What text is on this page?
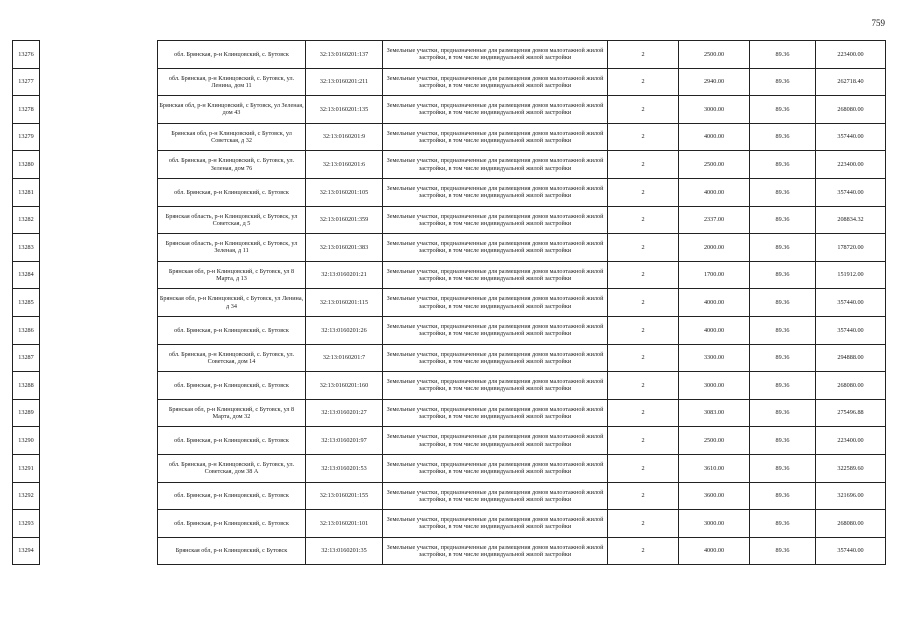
759
13276		обл. Брянская, р-н Клинцовский, с. Бутовск	32:13:0160201:137	Земельные участки, предназначенные для размещения домов малоэтажной жилой застройки, в том числе индивидуальной жилой застройки	2	2500.00	89.36	223400.00
13277		обл. Брянская, р-н Клинцовский, с. Бутовск, ул. Ленина, дом 11	32:13:0160201:211	Земельные участки, предназначенные для размещения домов малоэтажной жилой застройки, в том числе индивидуальной жилой застройки	2	2940.00	89.36	262718.40
13278		Брянская обл, р-н Клинцовский, с Бутовск, ул Зеленая, дом 43	32:13:0160201:135	Земельные участки, предназначенные для размещения домов малоэтажной жилой застройки, в том числе индивидуальной жилой застройки	2	3000.00	89.36	268080.00
13279		Брянская обл, р-н Клинцовский, с Бутовск, ул Советская, д 32	32:13:0160201:9	Земельные участки, предназначенные для размещения домов малоэтажной жилой застройки, в том числе индивидуальной жилой застройки	2	4000.00	89.36	357440.00
13280		обл. Брянская, р-н Клинцовский, с. Бутовск, ул. Зеленая, дом 76	32:13:0160201:6	Земельные участки, предназначенные для размещения домов малоэтажной жилой застройки, в том числе индивидуальной жилой застройки	2	2500.00	89.36	223400.00
13281		обл. Брянская, р-н Клинцовский, с. Бутовск	32:13:0160201:105	Земельные участки, предназначенные для размещения домов малоэтажной жилой застройки, в том числе индивидуальной жилой застройки	2	4000.00	89.36	357440.00
13282		Брянская область, р-н Клинцовский, с Бутовск, ул Советская, д 5	32:13:0160201:359	Земельные участки, предназначенные для размещения домов малоэтажной жилой застройки, в том числе индивидуальной жилой застройки	2	2337.00	89.36	208834.32
13283		Брянская область, р-н Клинцовский, с Бутовск, ул Зеленая, д 11	32:13:0160201:383	Земельные участки, предназначенные для размещения домов малоэтажной жилой застройки, в том числе индивидуальной жилой застройки	2	2000.00	89.36	178720.00
13284		Брянская обл, р-н Клинцовский, с Бутовск, ул 8 Марта, д 13	32:13:0160201:21	Земельные участки, предназначенные для размещения домов малоэтажной жилой застройки, в том числе индивидуальной жилой застройки	2	1700.00	89.36	151912.00
13285		Брянская обл, р-н Клинцовский, с Бутовск, ул Ленина, д 34	32:13:0160201:115	Земельные участки, предназначенные для размещения домов малоэтажной жилой застройки, в том числе индивидуальной жилой застройки	2	4000.00	89.36	357440.00
13286		обл. Брянская, р-н Клинцовский, с. Бутовск	32:13:0160201:26	Земельные участки, предназначенные для размещения домов малоэтажной жилой застройки, в том числе индивидуальной жилой застройки	2	4000.00	89.36	357440.00
13287		обл. Брянская, р-н Клинцовский, с. Бутовск, ул. Советская, дом 14	32:13:0160201:7	Земельные участки, предназначенные для размещения домов малоэтажной жилой застройки, в том числе индивидуальной жилой застройки	2	3300.00	89.36	294888.00
13288		обл. Брянская, р-н Клинцовский, с. Бутовск	32:13:0160201:160	Земельные участки, предназначенные для размещения домов малоэтажной жилой застройки, в том числе индивидуальной жилой застройки	2	3000.00	89.36	268080.00
13289		Брянская обл, р-н Клинцовский, с Бутовск, ул 8 Марта, дом 32	32:13:0160201:27	Земельные участки, предназначенные для размещения домов малоэтажной жилой застройки, в том числе индивидуальной жилой застройки	2	3083.00	89.36	275496.88
13290		обл. Брянская, р-н Клинцовский, с. Бутовск	32:13:0160201:97	Земельные участки, предназначенные для размещения домов малоэтажной жилой застройки, в том числе индивидуальной жилой застройки	2	2500.00	89.36	223400.00
13291		обл. Брянская, р-н Клинцовский, с. Бутовск, ул. Советская, дом 38 А	32:13:0160201:53	Земельные участки, предназначенные для размещения домов малоэтажной жилой застройки, в том числе индивидуальной жилой застройки	2	3610.00	89.36	322589.60
13292		обл. Брянская, р-н Клинцовский, с. Бутовск	32:13:0160201:155	Земельные участки, предназначенные для размещения домов малоэтажной жилой застройки, в том числе индивидуальной жилой застройки	2	3600.00	89.36	321696.00
13293		обл. Брянская, р-н Клинцовский, с. Бутовск	32:13:0160201:101	Земельные участки, предназначенные для размещения домов малоэтажной жилой застройки, в том числе индивидуальной жилой застройки	2	3000.00	89.36	268080.00
13294		Брянская обл, р-н Клинцовский, с Бутовск	32:13:0160201:35	Земельные участки, предназначенные для размещения домов малоэтажной жилой застройки, в том числе индивидуальной жилой застройки	2	4000.00	89.36	357440.00
